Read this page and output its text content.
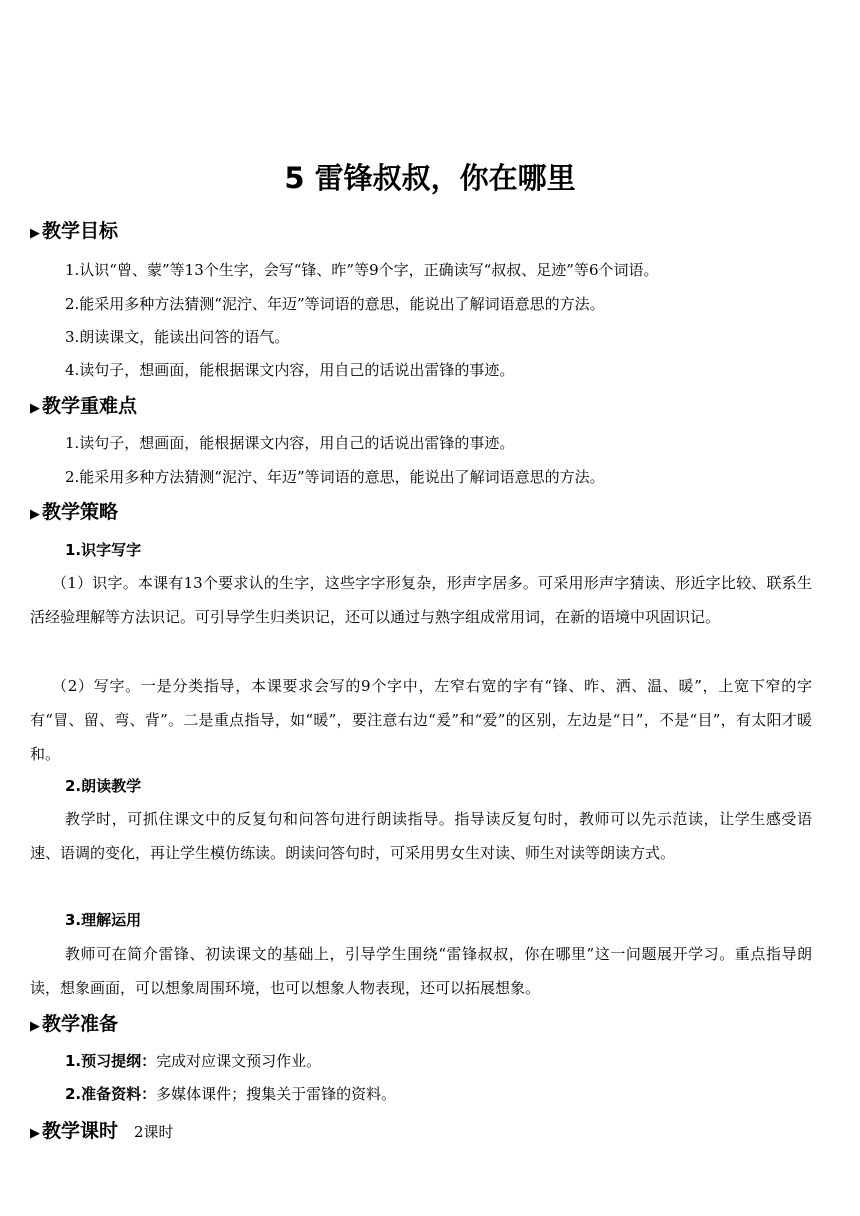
5 雷锋叔叔，你在哪里
▶ 教学目标
1.认识“曾、蒙”等13个生字，会写“锋、昨”等9个字，正确读写“叔叔、足迹”等6个词语。
2.能采用多种方法猜测“泥泞、年迈”等词语的意思，能说出了解词语意思的方法。
3.朗读课文，能读出问答的语气。
4.读句子，想画面，能根据课文内容，用自己的话说出雷锋的事迹。
▶ 教学重难点
1.读句子，想画面，能根据课文内容，用自己的话说出雷锋的事迹。
2.能采用多种方法猜测“泥泞、年迈”等词语的意思，能说出了解词语意思的方法。
▶ 教学策略
1.识字写字
（1）识字。本课有13个要求认的生字，这些字字形复杂，形声字居多。可采用形声字猜读、形近字比较、联系生活经验理解等方法识记。可引导学生归类识记，还可以通过与熟字组成常用词，在新的语境中巩固识记。
（2）写字。一是分类指导，本课要求会写的9个字中，左窄右宽的字有“锋、昨、洒、温、暖”，上宽下窄的字有“冒、留、弯、背”。二是重点指导，如“暖”，要注意右边“爰”和“爱”的区别，左边是“日”，不是“目”，有太阳才暖和。
2.朗读教学
教学时，可抓住课文中的反复句和问答句进行朗读指导。指导读反复句时，教师可以先示范读，让学生感受语速、语调的变化，再让学生模仿练读。朗读问答句时，可采用男女生对读、师生对读等朗读方式。
3.理解运用
教师可在简介雷锋、初读课文的基础上，引导学生围绕“雷锋叔叔，你在哪里”这一问题展开学习。重点指导朗读，想象画面，可以想象周围环境，也可以想象人物表现，还可以拓展想象。
▶ 教学准备
1.预习提纲：完成对应课文预习作业。
2.准备资料：多媒体课件；搜集关于雷锋的资料。
▶ 教学课时 2课时
